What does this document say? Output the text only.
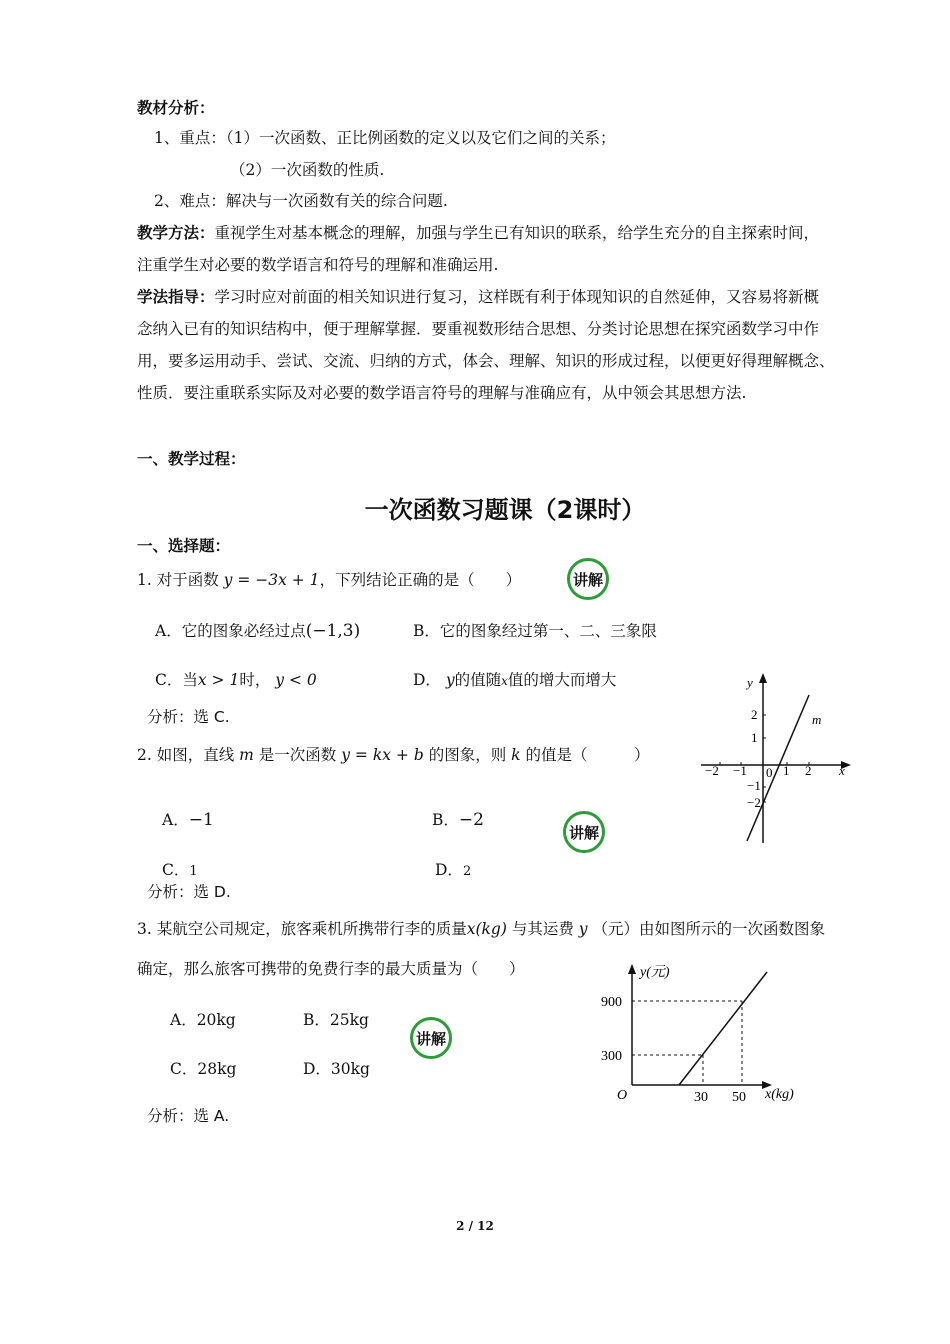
教材分析：
1、重点：（1）一次函数、正比例函数的定义以及它们之间的关系；
（2）一次函数的性质.
2、难点：解决与一次函数有关的综合问题.
教学方法：重视学生对基本概念的理解，加强与学生已有知识的联系，给学生充分的自主探索时间，
注重学生对必要的数学语言和符号的理解和准确运用.
学法指导：学习时应对前面的相关知识进行复习，这样既有利于体现知识的自然延伸，又容易将新概
念纳入已有的知识结构中，便于理解掌握．要重视数形结合思想、分类讨论思想在探究函数学习中作
用，要多运用动手、尝试、交流、归纳的方式，体会、理解、知识的形成过程，以便更好得理解概念、
性质．要注重联系实际及对必要的数学语言符号的理解与准确应有，从中领会其思想方法.
一、教学过程：
一次函数习题课（2课时）
一、选择题：
1. 对于函数 y = −3x + 1，下列结论正确的是（　　）	讲解
A．它的图象必经过点(−1,3)	B．它的图象经过第一、二、三象限
C．当x > 1时， y < 0	D． y的值随x值的增大而增大
分析：选 C.
y
x
m
0
−2 −1	1 2
2
1
−1
−2
2. 如图，直线 m 是一次函数 y = kx + b 的图象，则 k 的值是（　　　）
A．−1	B．−2
讲解
C．1	D．2
分析：选 D.
3. 某航空公司规定，旅客乘机所携带行李的质量x(kg) 与其运费 y （元）由如图所示的一次函数图象
确定，那么旅客可携带的免费行李的最大质量为（　　）
A．20kg	B．25kg
讲解
C．28kg	D．30kg
分析：选 A.
y(元)
x(kg)
O
900
300
30 50
2 / 12
